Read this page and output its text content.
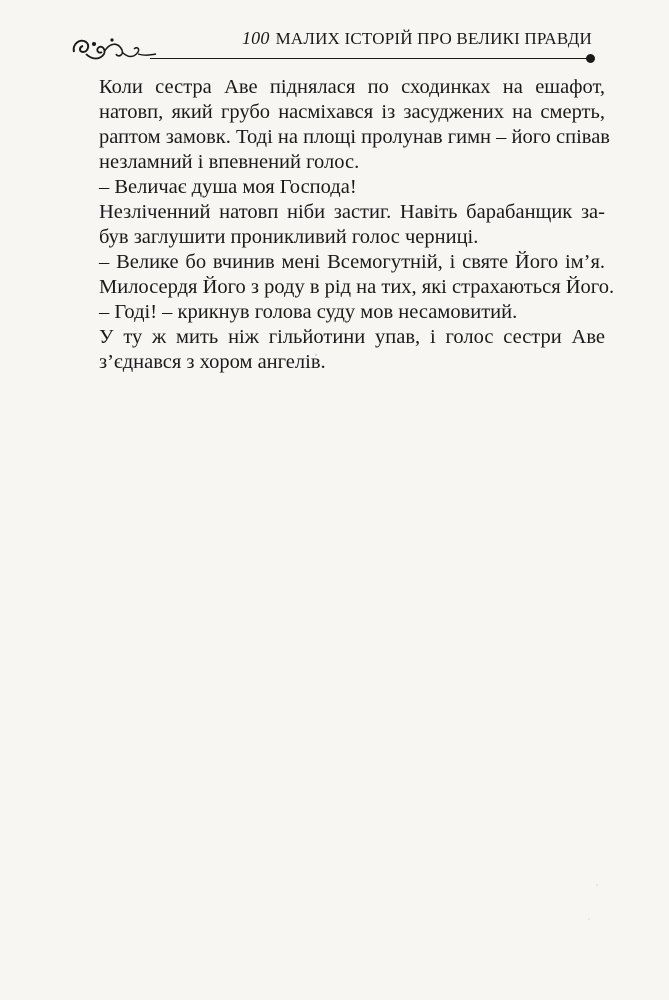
100 МАЛИХ ІСТОРІЙ ПРО ВЕЛИКІ ПРАВДИ
Коли сестра Аве піднялася по сходинках на ешафот,
натовп, який грубо насміхався із засуджених на смерть,
раптом замовк. Тоді на площі пролунав гимн – його співав
незламний і впевнений голос.
– Величає душа моя Господа!
Незліченний натовп ніби застиг. Навіть барабанщик за-
був заглушити проникливий голос черниці.
– Велике бо вчинив мені Всемогутній, і святе Його ім’я.
Милосердя Його з роду в рід на тих, які страхаються Його.
– Годі! – крикнув голова суду мов несамовитий.
У ту ж мить ніж гільйотини упав, і голос сестри Аве
з’єднався з хором ангелів.
